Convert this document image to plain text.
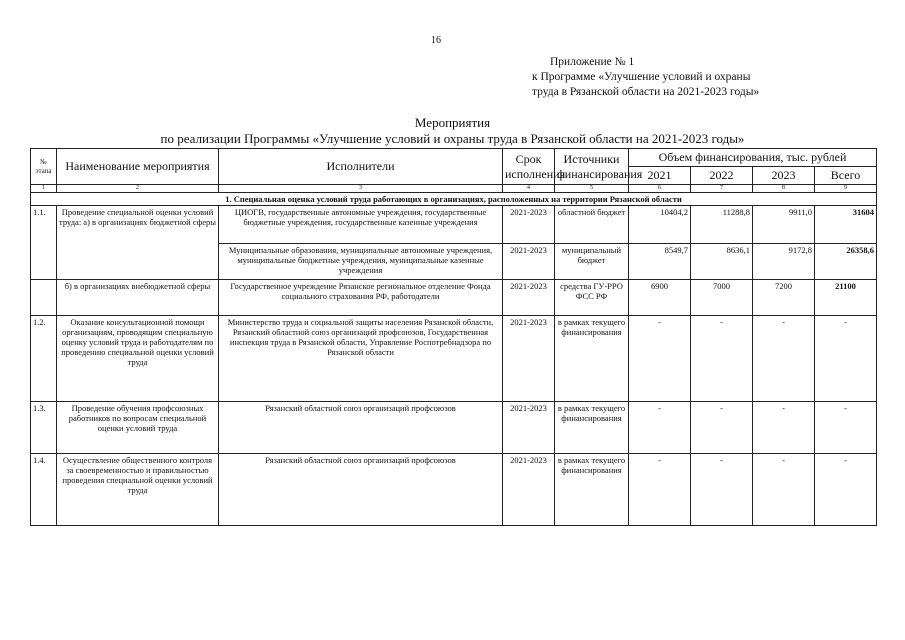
16
Приложение № 1
к Программе «Улучшение условий и охраны
труда в Рязанской области на 2021-2023 годы»
Мероприятия
по реализации Программы «Улучшение условий и охраны труда в Рязанской области на 2021-2023 годы»
№ этапа	Наименование мероприятия	Исполнители	Срок исполнения	Источники финансирования	Объем финансирования, тыс. рублей			
					2021	2022	2023	Всего
1	2	3	4	5	6	7	8	9
1. Специальная оценка условий труда работающих в организациях, расположенных на территории Рязанской области								
1.1.	Проведение специальной оценки условий труда: а) в организациях бюджетной сферы	ЦИОГВ, государственные автономные учреждения, государственные бюджетные учреждения, государственные казенные учреждения	2021-2023	областной бюджет	10404,2	11288,8	9911,0	31604
		Муниципальные образования, муниципальные автономные учреждения, муниципальные бюджетные учреждения, муниципальные казенные учреждения	2021-2023	муниципальный бюджет	8549,7	8636,1	9172,8	26358,6
	б) в организациях внебюджетной сферы	Государственное учреждение Рязанское региональное отделение Фонда социального страхования РФ, работодатели	2021-2023	средства ГУ-РРО ФСС РФ	6900	7000	7200	21100
1.2.	Оказание консультационной помощи организациям, проводящим специальную оценку условий труда и работодателям по проведению специальной оценки условий труда	Министерство труда и социальной защиты населения Рязанской области, Рязанский областной союз организаций профсоюзов, Государственная инспекция труда в Рязанской области, Управление Роспотребнадзора по Рязанской области	2021-2023	в рамках текущего финансирования	-	-	-	-
1.3.	Проведение обучения профсоюзных работников по вопросам специальной оценки условий труда	Рязанский областной союз организаций профсоюзов	2021-2023	в рамках текущего финансирования	-	-	-	-
1.4.	Осуществление общественного контроля за своевременностью и правильностью проведения специальной оценки условий труда	Рязанский областной союз организаций профсоюзов	2021-2023	в рамках текущего финансирования	-	-	-	-
